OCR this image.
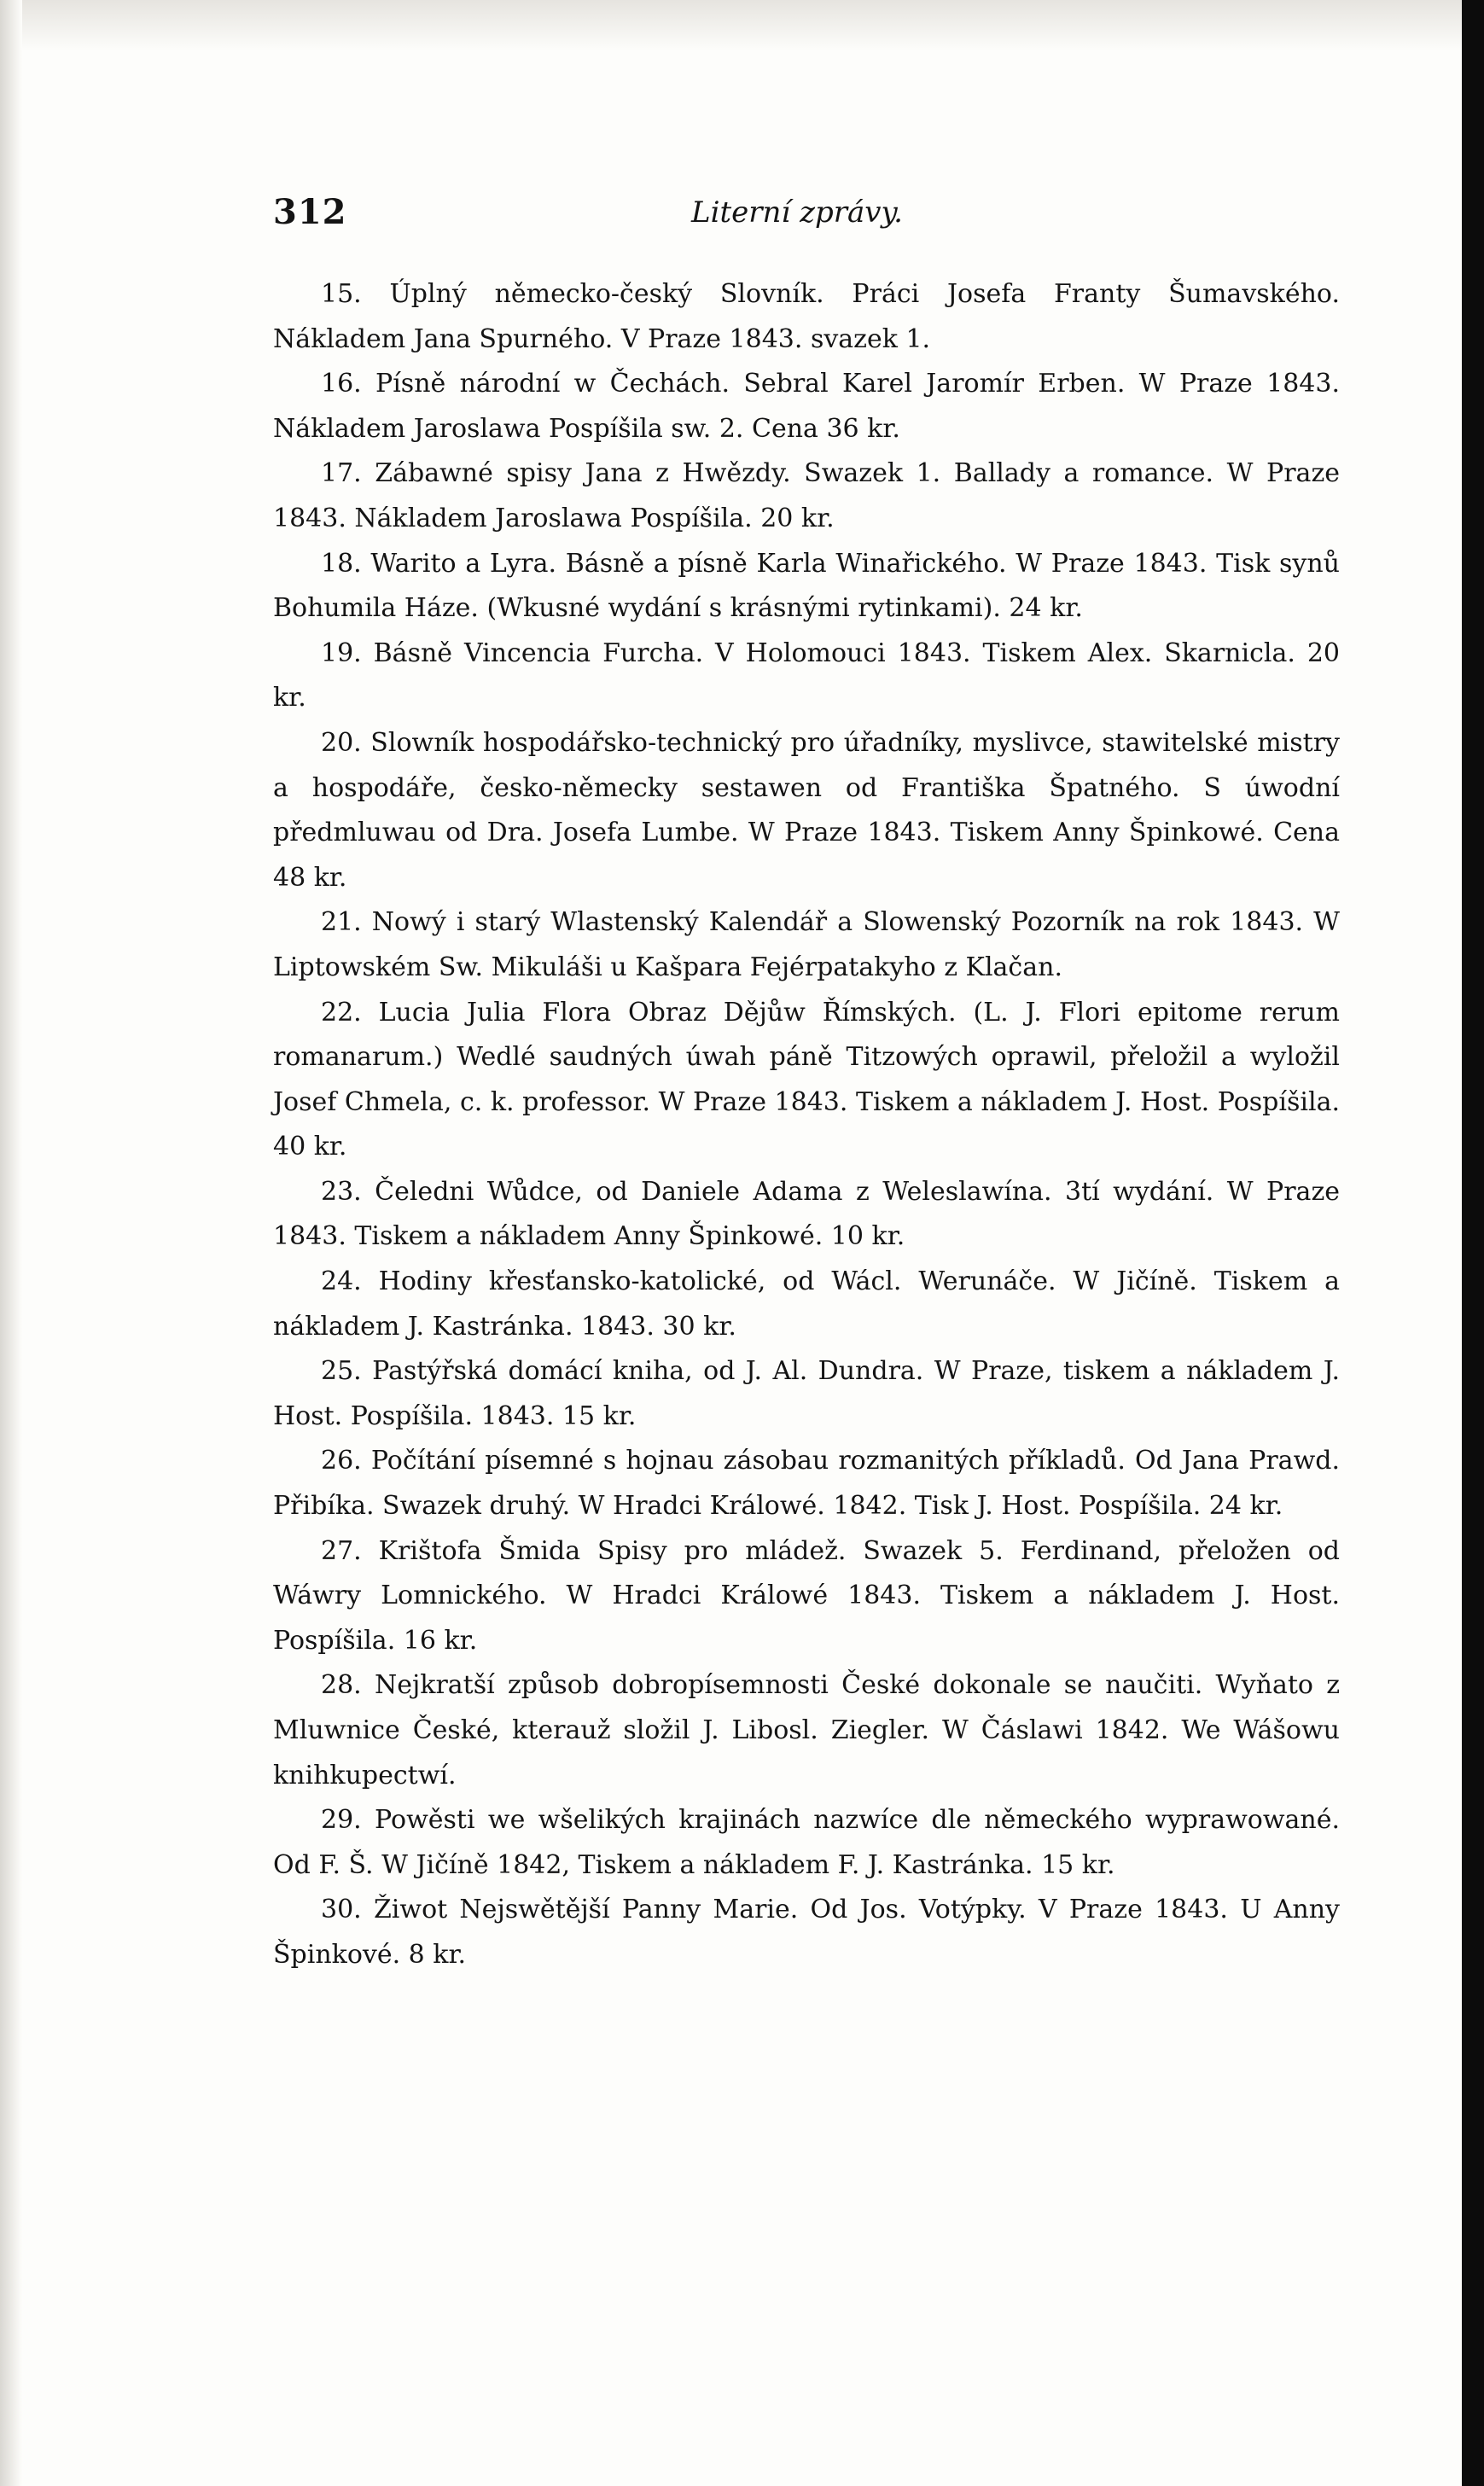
312	Literní zprávy.

15. Úplný německo-český Slovník. Práci Josefa Franty Šumavského. Nákladem Jana Spurného. V Praze 1843. svazek 1.

16. Písně národní w Čechách. Sebral Karel Jaromír Erben. W Praze 1843. Nákladem Jaroslawa Pospíšila sw. 2. Cena 36 kr.

17. Zábawné spisy Jana z Hwězdy. Swazek 1. Ballady a romance. W Praze 1843. Nákladem Jaroslawa Pospíšila. 20 kr.

18. Warito a Lyra. Básně a písně Karla Winařického. W Praze 1843. Tisk synů Bohumila Háze. (Wkusné wydání s krásnými rytinkami). 24 kr.

19. Básně Vincencia Furcha. V Holomouci 1843. Tiskem Alex. Skarnicla. 20 kr.

20. Slowník hospodářsko-technický pro úřadníky, myslivce, stawitelské mistry a hospodáře, česko-německy sestawen od Františka Špatného. S úwodní předmluwau od Dra. Josefa Lumbe. W Praze 1843. Tiskem Anny Špinkowé. Cena 48 kr.

21. Nowý i starý Wlastenský Kalendář a Slowenský Pozorník na rok 1843. W Liptowském Sw. Mikuláši u Kašpara Fejérpatakyho z Klačan.

22. Lucia Julia Flora Obraz Dějůw Římských. (L. J. Flori epitome rerum romanarum.) Wedlé saudných úwah páně Titzowých oprawil, přeložil a wyložil Josef Chmela, c. k. professor. W Praze 1843. Tiskem a nákladem J. Host. Pospíšila. 40 kr.

23. Čeledni Wůdce, od Daniele Adama z Weleslawína. 3tí wydání. W Praze 1843. Tiskem a nákladem Anny Špinkowé. 10 kr.

24. Hodiny křesťansko-katolické, od Wácl. Werunáče. W Jičíně. Tiskem a nákladem J. Kastránka. 1843. 30 kr.

25. Pastýřská domácí kniha, od J. Al. Dundra. W Praze, tiskem a nákladem J. Host. Pospíšila. 1843. 15 kr.

26. Počítání písemné s hojnau zásobau rozmanitých příkladů. Od Jana Prawd. Přibíka. Swazek druhý. W Hradci Králowé. 1842. Tisk J. Host. Pospíšila. 24 kr.

27. Krištofa Šmida Spisy pro mládež. Swazek 5. Ferdinand, přeložen od Wáwry Lomnického. W Hradci Králowé 1843. Tiskem a nákladem J. Host. Pospíšila. 16 kr.

28. Nejkratší způsob dobropísemnosti České dokonale se naučiti. Wyňato z Mluwnice České, kterauž složil J. Libosl. Ziegler. W Čáslawi 1842. We Wášowu knihkupectwí.

29. Powěsti we wšelikých krajinách nazwíce dle německého wyprawowané. Od F. Š. W Jičíně 1842, Tiskem a nákladem F. J. Kastránka. 15 kr.

30. Žiwot Nejswětější Panny Marie. Od Jos. Votýpky. V Praze 1843. U Anny Špinkové. 8 kr.
